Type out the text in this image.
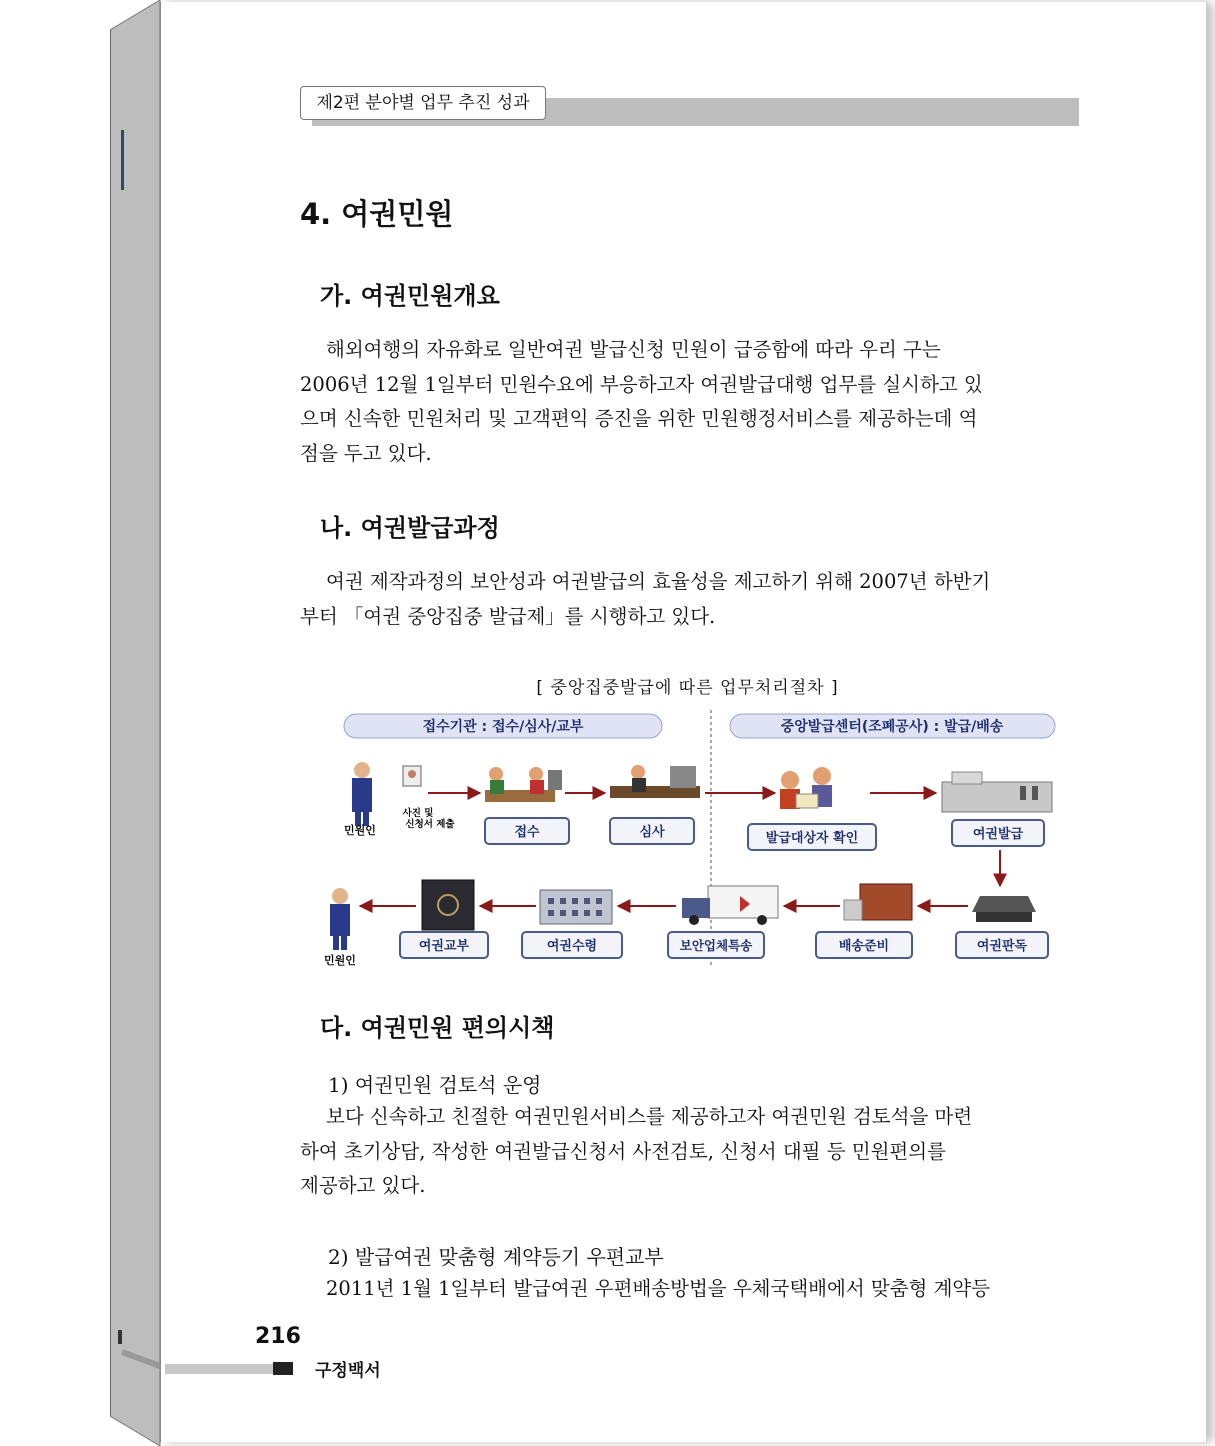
제2편 분야별 업무 추진 성과
4. 여권민원
가. 여권민원개요
해외여행의 자유화로 일반여권 발급신청 민원이 급증함에 따라 우리 구는
2006년 12월 1일부터 민원수요에 부응하고자 여권발급대행 업무를 실시하고 있
으며 신속한 민원처리 및 고객편익 증진을 위한 민원행정서비스를 제공하는데 역
점을 두고 있다.
나. 여권발급과정
여권 제작과정의 보안성과 여권발급의 효율성을 제고하기 위해 2007년 하반기
부터 「여권 중앙집중 발급제」를 시행하고 있다.
[ 중앙집중발급에 따른 업무처리절차 ]
접수기관 : 접수/심사/교부	중앙발급센터(조폐공사) : 발급/배송
민원인
사진 및
신청서 제출
접수	심사	발급대상자 확인	여권발급
민원인
여권교부	여권수령	보안업체특송	배송준비	여권판독
다. 여권민원 편의시책
1) 여권민원 검토석 운영
보다 신속하고 친절한 여권민원서비스를 제공하고자 여권민원 검토석을 마련
하여 초기상담, 작성한 여권발급신청서 사전검토, 신청서 대필 등 민원편의를
제공하고 있다.
2) 발급여권 맞춤형 계약등기 우편교부
2011년 1월 1일부터 발급여권 우편배송방법을 우체국택배에서 맞춤형 계약등
216
구정백서
